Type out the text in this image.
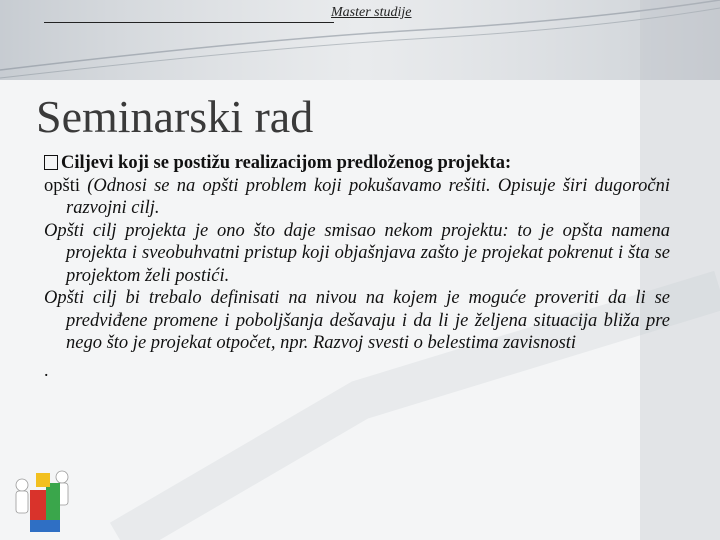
Master studije
Seminarski rad
Ciljevi koji se postižu realizacijom predloženog projekta:
opšti (Odnosi se na opšti problem koji pokušavamo rešiti. Opisuje širi dugoročni razvojni cilj.
Opšti cilj projekta je ono što daje smisao nekom projektu: to je opšta namena projekta i sveobuhvatni pristup koji objašnjava zašto je projekat pokrenut i šta se projektom želi postići.
Opšti cilj bi trebalo definisati na nivou na kojem je moguće proveriti da li se predviđene promene i poboljšanja dešavaju i da li je željena situacija bliža pre nego što je projekat otpočet, npr. Razvoj svesti o belestima zavisnosti
.
